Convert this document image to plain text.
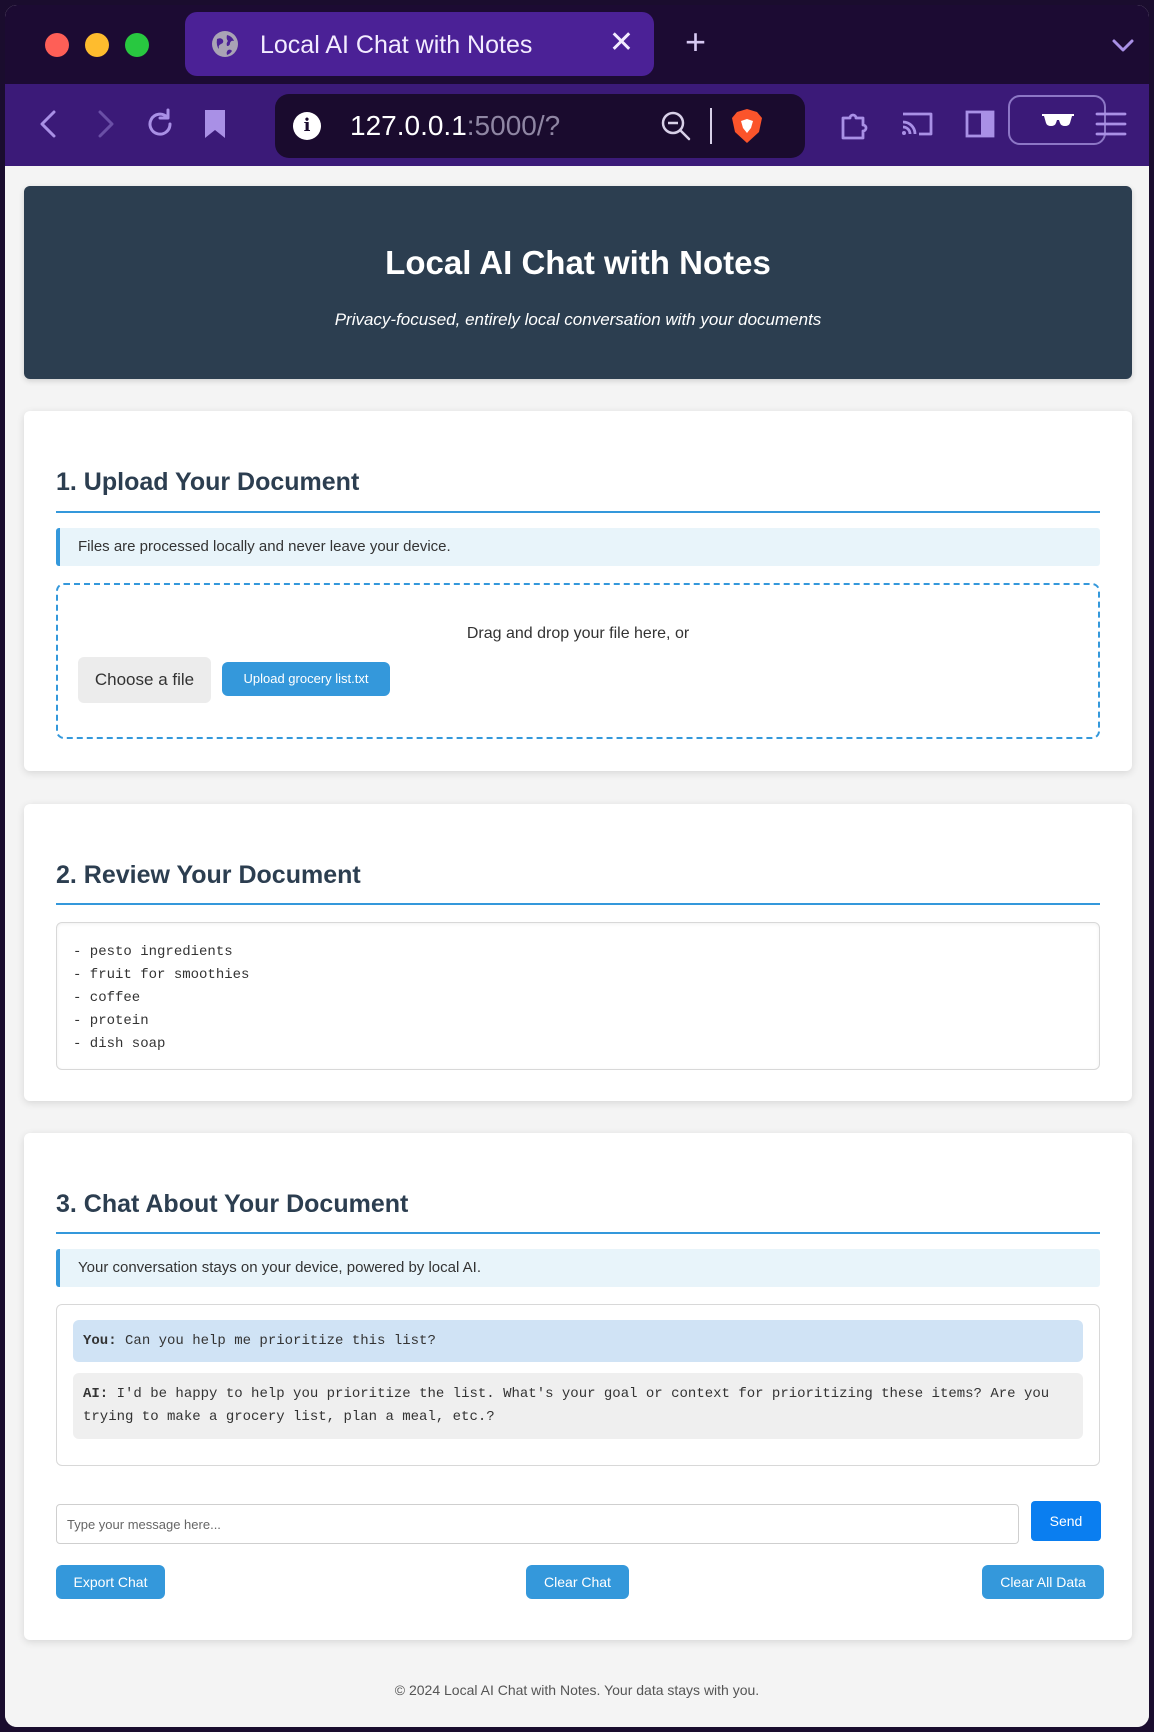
Local AI Chat with Notes	✕ +
i	127.0.0.1:5000/?
Local AI Chat with Notes

Privacy-focused, entirely local conversation with your documents

1. Upload Your Document
Files are processed locally and never leave your device.
Drag and drop your file here, or
Choose a file	Upload grocery list.txt
2. Review Your Document
- pesto ingredients
- fruit for smoothies
- coffee
- protein
- dish soap
3. Chat About Your Document
Your conversation stays on your device, powered by local AI.
You: Can you help me prioritize this list?
AI: I'd be happy to help you prioritize the list. What's your goal or context for prioritizing these items? Are you trying to make a grocery list, plan a meal, etc.?
Type your message here...
Send
Export Chat	Clear Chat	Clear All Data
© 2024 Local AI Chat with Notes. Your data stays with you.
